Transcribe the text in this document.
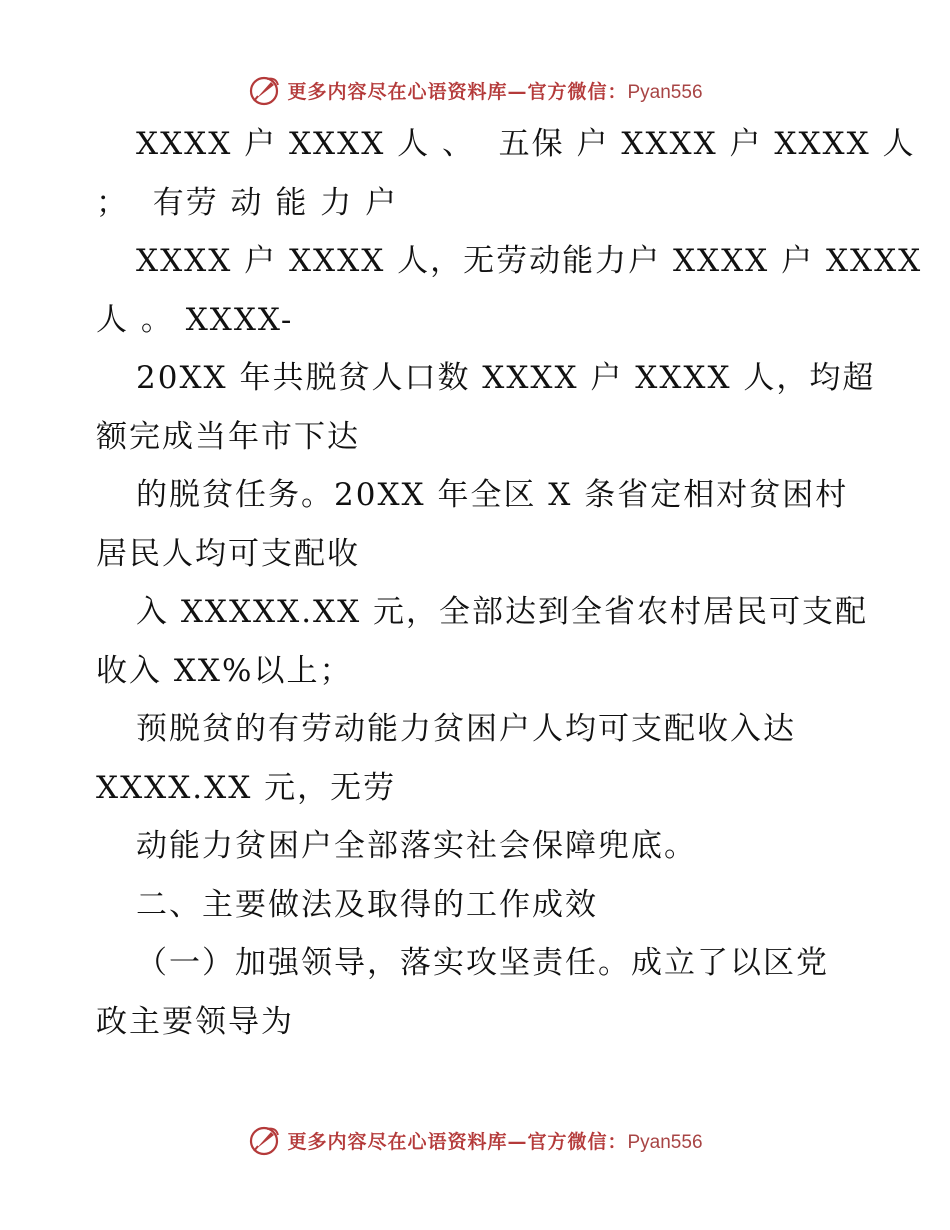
更多内容尽在心语资料库—官方微信：Pyan556
XXXX 户 XXXX 人 、  五保 户 XXXX 户 XXXX 人
；  有劳 动 能 力 户
XXXX 户 XXXX 人，无劳动能力户 XXXX 户 XXXX
人 。 XXXX-
20XX 年共脱贫人口数 XXXX 户 XXXX 人，均超
额完成当年市下达
的脱贫任务。20XX 年全区 X 条省定相对贫困村
居民人均可支配收
入 XXXXX.XX 元，全部达到全省农村居民可支配
收入 XX%以上；
预脱贫的有劳动能力贫困户人均可支配收入达
XXXX.XX 元，无劳
动能力贫困户全部落实社会保障兜底。
二、主要做法及取得的工作成效
（一）加强领导，落实攻坚责任。成立了以区党
政主要领导为
更多内容尽在心语资料库—官方微信：Pyan556
